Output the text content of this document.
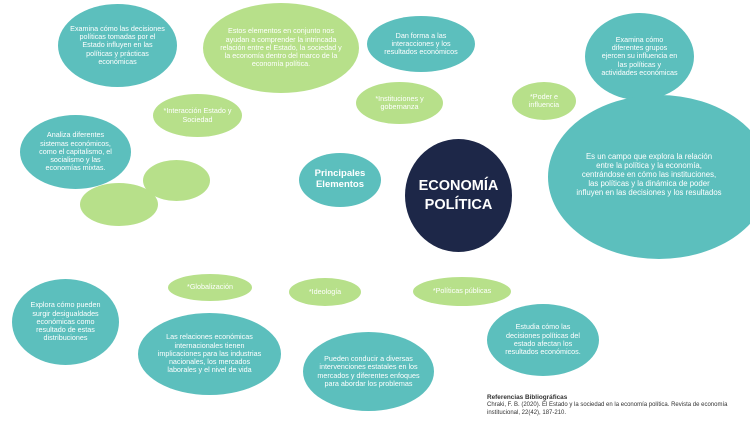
Examina cómo las decisiones políticas tomadas por el Estado influyen en las políticas y prácticas económicas
Estos elementos en conjunto nos ayudan a comprender la intrincada relación entre el Estado, la sociedad y la economía dentro del marco de la economía política.
Dan forma a las interacciones y los resultados económicos
Examina cómo diferentes grupos ejercen su influencia en las políticas y actividades económicas
*Interacción Estado y Sociedad
*Instituciones y gobernanza
*Poder e influencia
Analiza diferentes sistemas económicos, como el capitalismo, el socialismo y las economías mixtas.
Principales
Elementos	ECONOMÍA
POLÍTICA
Es un campo que explora la relación entre la política y la economía, centrándose en cómo las instituciones, las políticas y la dinámica de poder influyen en las decisiones y los resultados
*Globalización	*Ideología	*Políticas públicas
Explora cómo pueden surgir desigualdades económicas como resultado de estas distribuciones	Las relaciones económicas internacionales tienen implicaciones para las industrias nacionales, los mercados laborales y el nivel de vida
Pueden conducir a diversas intervenciones estatales en los mercados y diferentes enfoques para abordar los problemas
Estudia cómo las decisiones políticas del estado afectan los resultados económicos.
Referencias Bibliográficas
Chraki, F. B. (2020). El Estado y la sociedad en la economía política. Revista de economía institucional, 22(42), 187-210.
